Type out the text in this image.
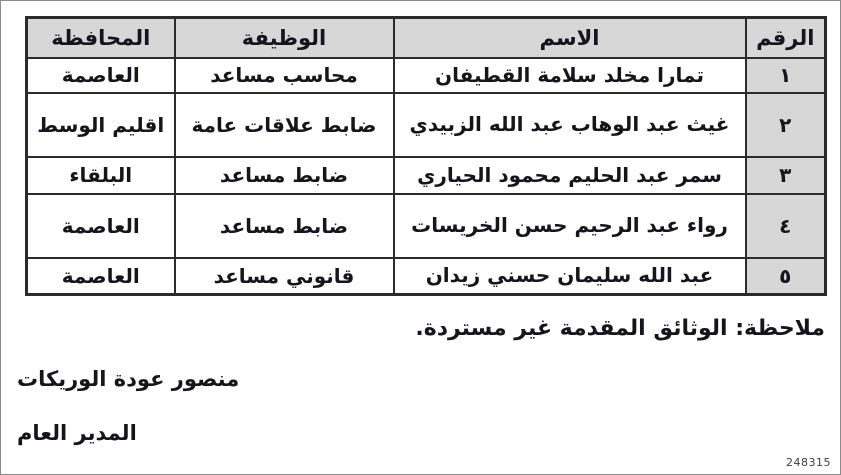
الرقم	الاسم	الوظيفة	المحافظة
١	تمارا مخلد سلامة القطيفان	محاسب مساعد	العاصمة
٢	غيث عبد الوهاب عبد الله الزبيدي	ضابط علاقات عامة	اقليم الوسط
٣	سمر عبد الحليم محمود الحياري	ضابط مساعد	البلقاء
٤	رواء عبد الرحيم حسن الخريسات	ضابط مساعد	العاصمة
٥	عبد الله سليمان حسني زيدان	قانوني مساعد	العاصمة

ملاحظة: الوثائق المقدمة غير مستردة.

منصور عودة الوريكات

المدير العام

248315
